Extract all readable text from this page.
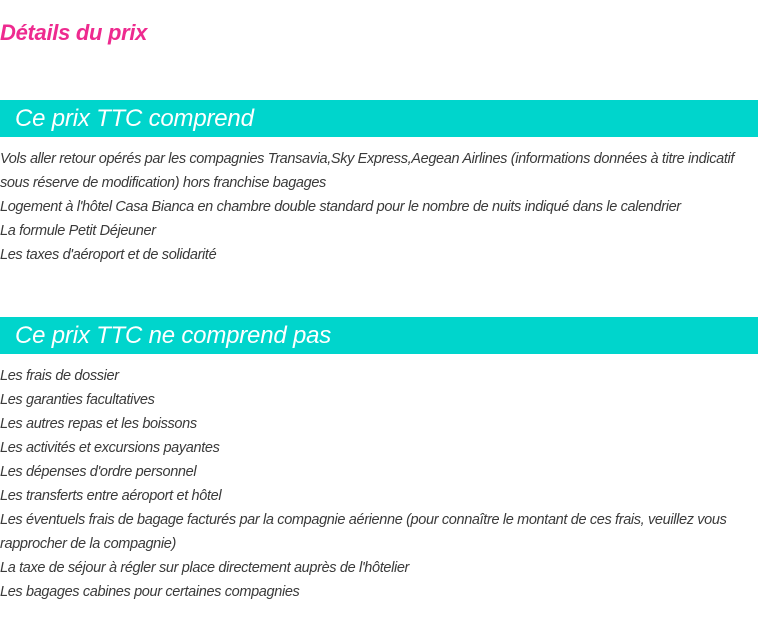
Détails du prix
Ce prix TTC comprend
Vols aller retour opérés par les compagnies Transavia,Sky Express,Aegean Airlines (informations données à titre indicatif sous réserve de modification) hors franchise bagages
Logement à l'hôtel Casa Bianca en chambre double standard pour le nombre de nuits indiqué dans le calendrier
La formule Petit Déjeuner
Les taxes d'aéroport et de solidarité
Ce prix TTC ne comprend pas
Les frais de dossier
Les garanties facultatives
Les autres repas et les boissons
Les activités et excursions payantes
Les dépenses d'ordre personnel
Les transferts entre aéroport et hôtel
Les éventuels frais de bagage facturés par la compagnie aérienne (pour connaître le montant de ces frais, veuillez vous rapprocher de la compagnie)
La taxe de séjour à régler sur place directement auprès de l'hôtelier
Les bagages cabines pour certaines compagnies
